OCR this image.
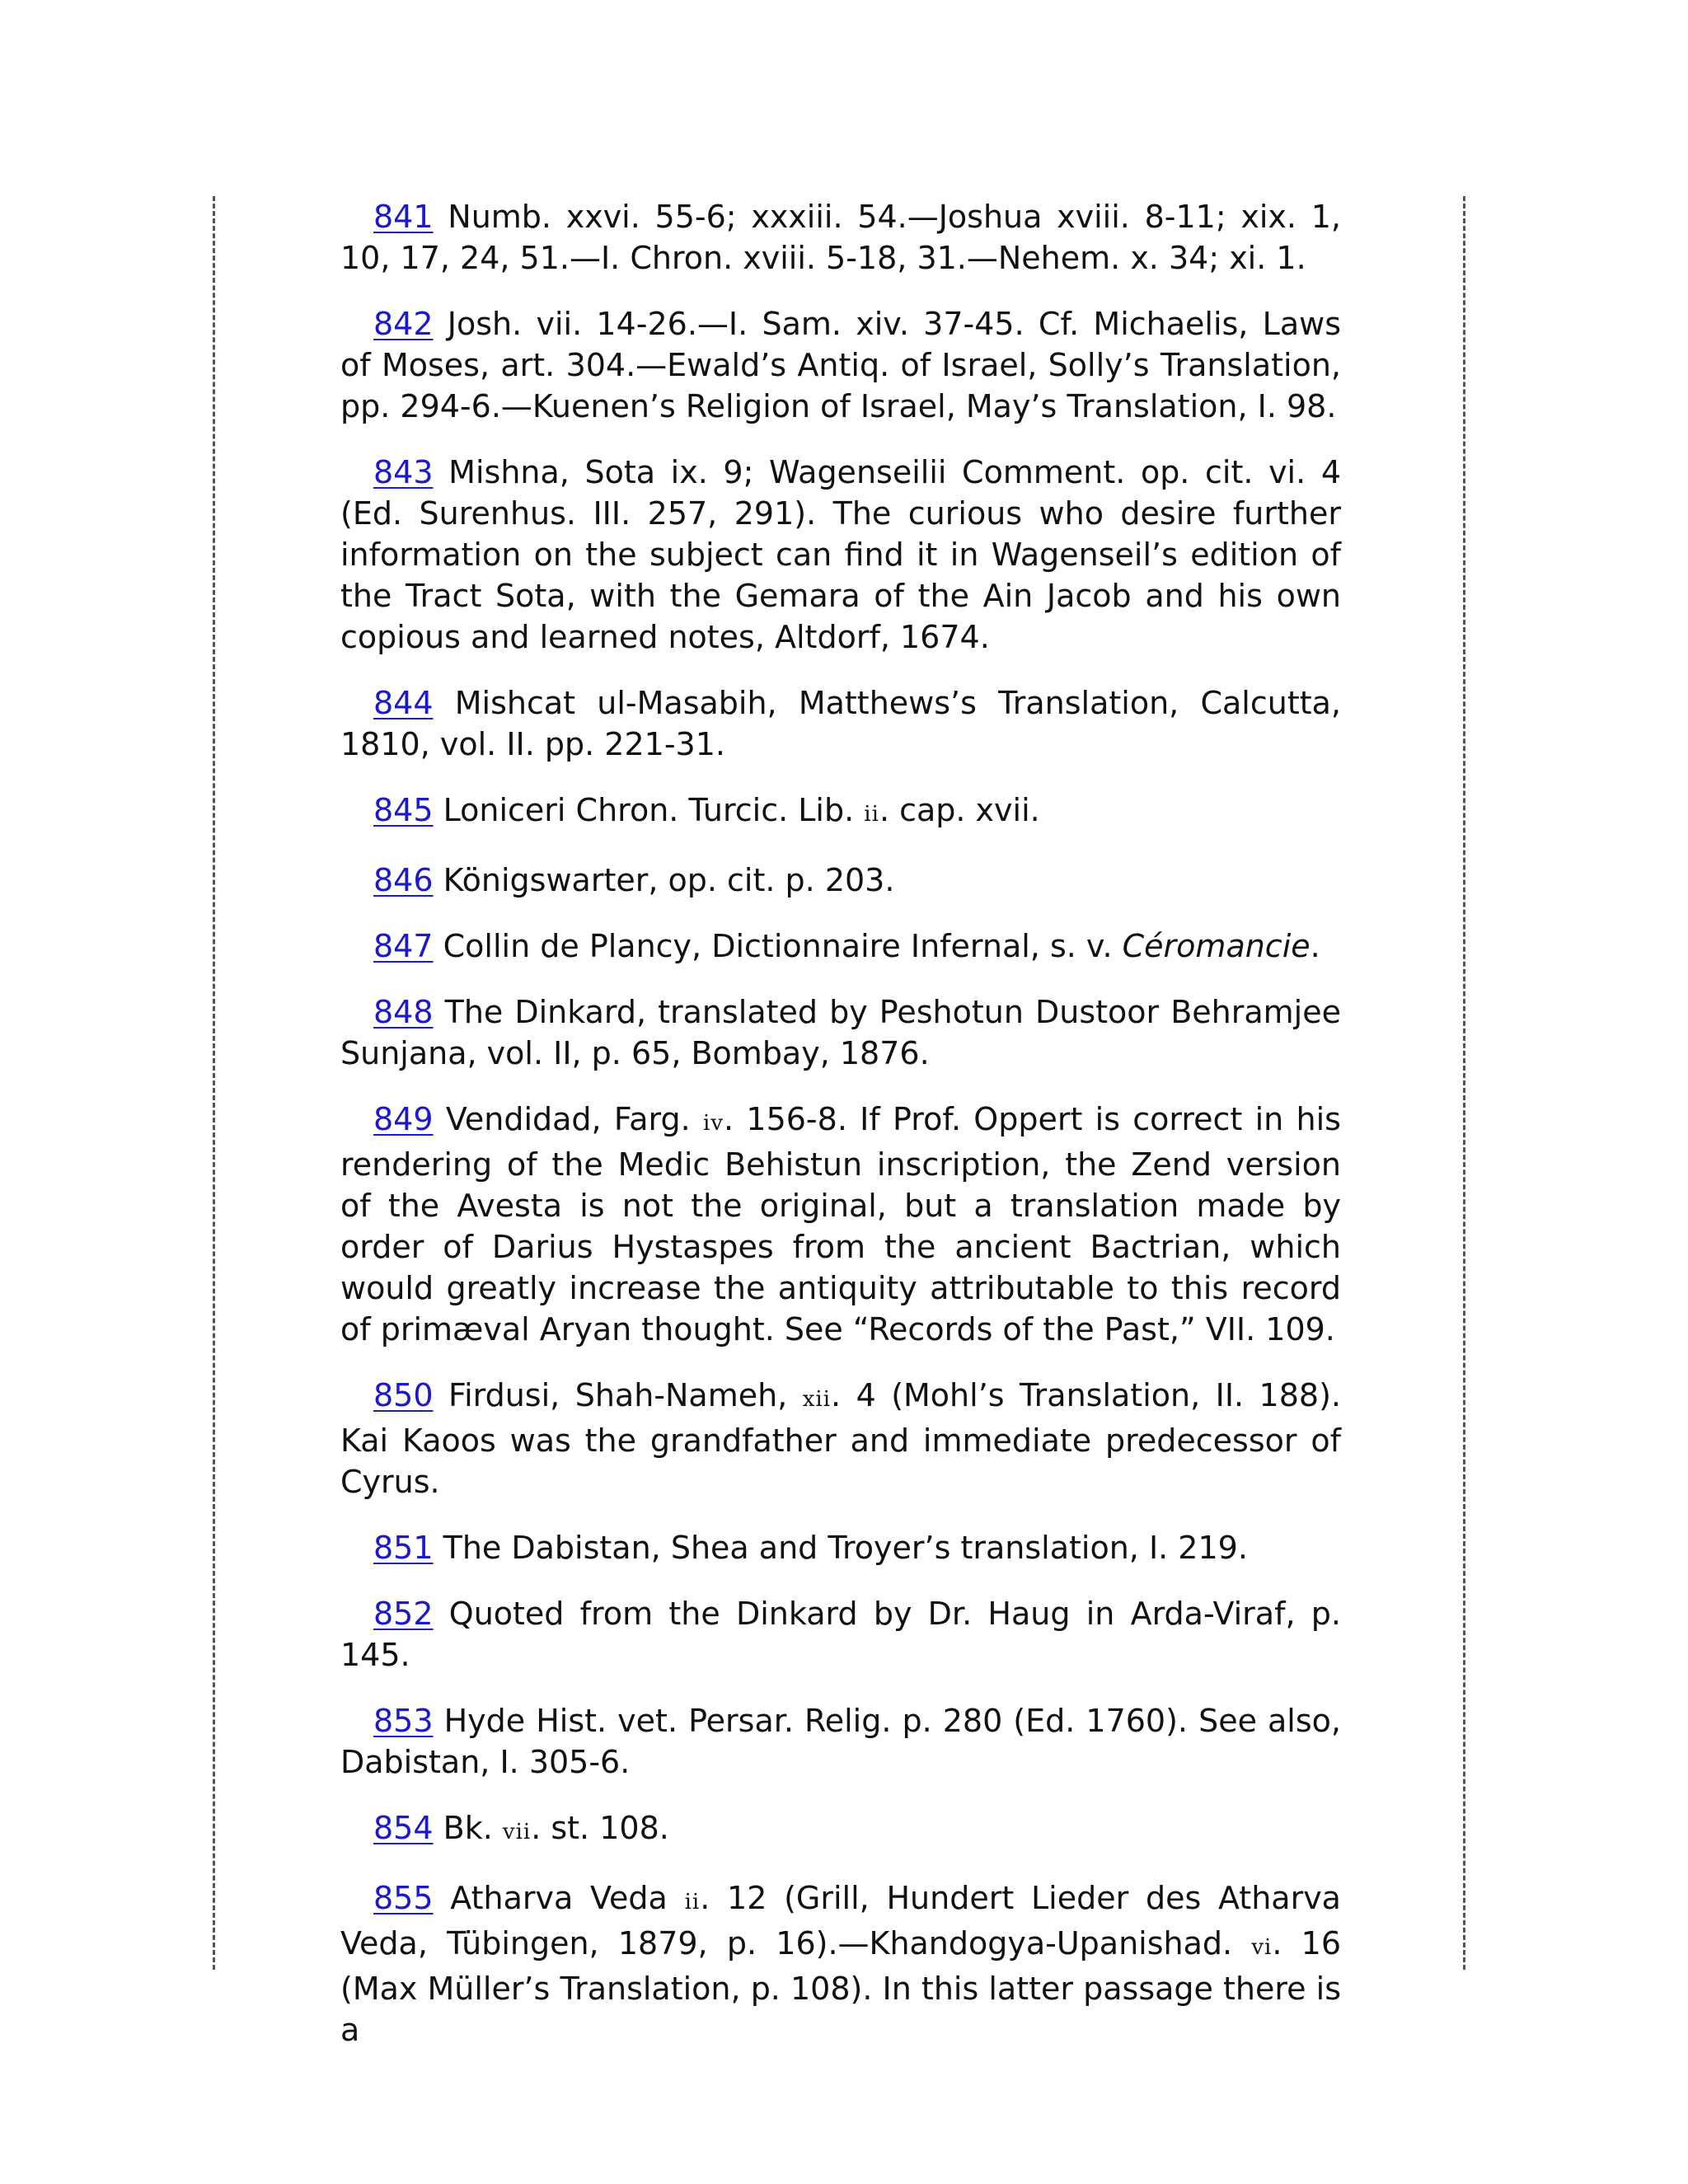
841 Numb. xxvi. 55-6; xxxiii. 54.—Joshua xviii. 8-11; xix. 1, 10, 17, 24, 51.—I. Chron. xviii. 5-18, 31.—Nehem. x. 34; xi. 1.

842 Josh. vii. 14-26.—I. Sam. xiv. 37-45. Cf. Michaelis, Laws of Moses, art. 304.—Ewald’s Antiq. of Israel, Solly’s Translation, pp. 294-6.—Kuenen’s Religion of Israel, May’s Translation, I. 98.

843 Mishna, Sota ix. 9; Wagenseilii Comment. op. cit. vi. 4 (Ed. Surenhus. III. 257, 291). The curious who desire further information on the subject can find it in Wagenseil’s edition of the Tract Sota, with the Gemara of the Ain Jacob and his own copious and learned notes, Altdorf, 1674.

844 Mishcat ul-Masabih, Matthews’s Translation, Calcutta, 1810, vol. II. pp. 221-31.

845 Loniceri Chron. Turcic. Lib. ii. cap. xvii.

846 Königswarter, op. cit. p. 203.

847 Collin de Plancy, Dictionnaire Infernal, s. v. Céromancie.

848 The Dinkard, translated by Peshotun Dustoor Behramjee Sunjana, vol. II, p. 65, Bombay, 1876.

849 Vendidad, Farg. iv. 156-8. If Prof. Oppert is correct in his rendering of the Medic Behistun inscription, the Zend version of the Avesta is not the original, but a translation made by order of Darius Hystaspes from the ancient Bactrian, which would greatly increase the antiquity attributable to this record of primæval Aryan thought. See “Records of the Past,” VII. 109.

850 Firdusi, Shah-Nameh, xii. 4 (Mohl’s Translation, II. 188). Kai Kaoos was the grandfather and immediate predecessor of Cyrus.

851 The Dabistan, Shea and Troyer’s translation, I. 219.

852 Quoted from the Dinkard by Dr. Haug in Arda-Viraf, p. 145.

853 Hyde Hist. vet. Persar. Relig. p. 280 (Ed. 1760). See also, Dabistan, I. 305-6.

854 Bk. vii. st. 108.

855 Atharva Veda ii. 12 (Grill, Hundert Lieder des Atharva Veda, Tübingen, 1879, p. 16).—Khandogya-Upanishad. vi. 16 (Max Müller’s Translation, p. 108). In this latter passage there is a
